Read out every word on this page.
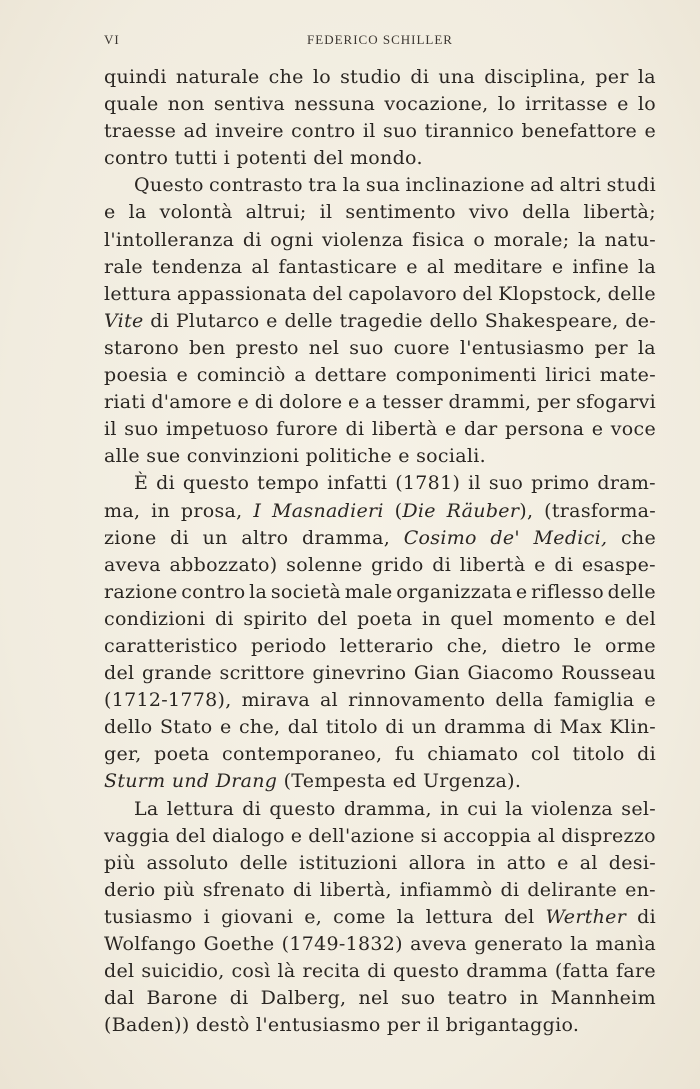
VI	FEDERICO SCHILLER
quindi naturale che lo studio di una disciplina, per la
quale non sentiva nessuna vocazione, lo irritasse e lo
traesse ad inveire contro il suo tirannico benefattore e
contro tutti i potenti del mondo.
Questo contrasto tra la sua inclinazione ad altri studi
e la volontà altrui; il sentimento vivo della libertà;
l'intolleranza di ogni violenza fisica o morale; la natu-
rale tendenza al fantasticare e al meditare e infine la
lettura appassionata del capolavoro del Klopstock, delle
Vite di Plutarco e delle tragedie dello Shakespeare, de-
starono ben presto nel suo cuore l'entusiasmo per la
poesia e cominciò a dettare componimenti lirici mate-
riati d'amore e di dolore e a tesser drammi, per sfogarvi
il suo impetuoso furore di libertà e dar persona e voce
alle sue convinzioni politiche e sociali.
È di questo tempo infatti (1781) il suo primo dram-
ma, in prosa, I Masnadieri (Die Räuber), (trasforma-
zione di un altro dramma, Cosimo de' Medici, che
aveva abbozzato) solenne grido di libertà e di esaspe-
razione contro la società male organizzata e riflesso delle
condizioni di spirito del poeta in quel momento e del
caratteristico periodo letterario che, dietro le orme
del grande scrittore ginevrino Gian Giacomo Rousseau
(1712-1778), mirava al rinnovamento della famiglia e
dello Stato e che, dal titolo di un dramma di Max Klin-
ger, poeta contemporaneo, fu chiamato col titolo di
Sturm und Drang (Tempesta ed Urgenza).
La lettura di questo dramma, in cui la violenza sel-
vaggia del dialogo e dell'azione si accoppia al disprezzo
più assoluto delle istituzioni allora in atto e al desi-
derio più sfrenato di libertà, infiammò di delirante en-
tusiasmo i giovani e, come la lettura del Werther di
Wolfango Goethe (1749-1832) aveva generato la manìa
del suicidio, così là recita di questo dramma (fatta fare
dal Barone di Dalberg, nel suo teatro in Mannheim
(Baden)) destò l'entusiasmo per il brigantaggio.
